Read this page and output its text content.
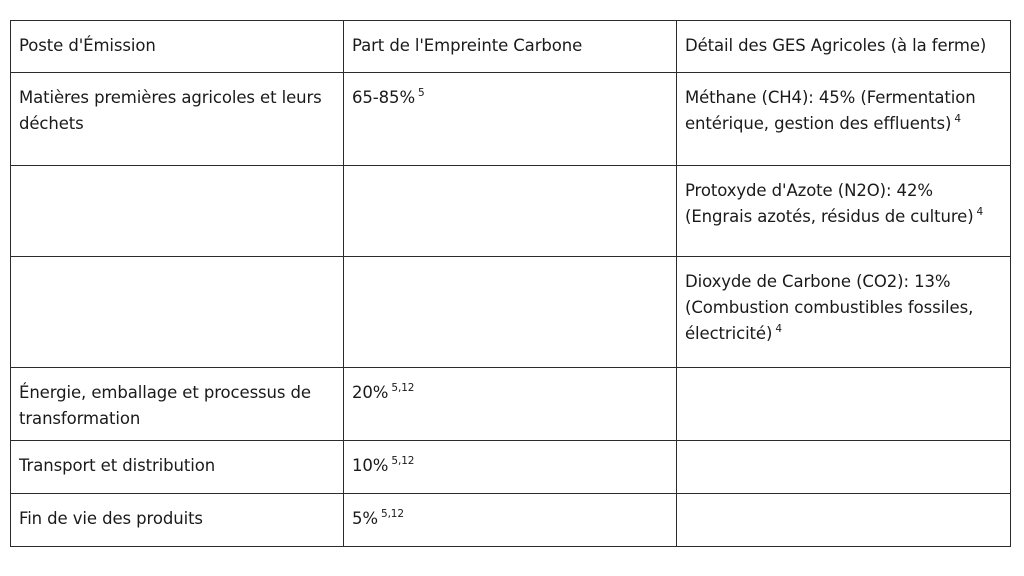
Poste d'Émission	Part de l'Empreinte Carbone	Détail des GES Agricoles (à la ferme)
Matières premières agricoles et leurs déchets	65-85% $^5$	Méthane (CH4): 45% (Fermentation entérique, gestion des effluents) $^4$
		Protoxyde d'Azote (N2O): 42% (Engrais azotés, résidus de culture) $^4$
		Dioxyde de Carbone (CO2): 13% (Combustion combustibles fossiles, électricité) $^4$
Énergie, emballage et processus de transformation	20% $^{5,12}$	
Transport et distribution	10% $^{5,12}$	
Fin de vie des produits	5% $^{5,12}$	
